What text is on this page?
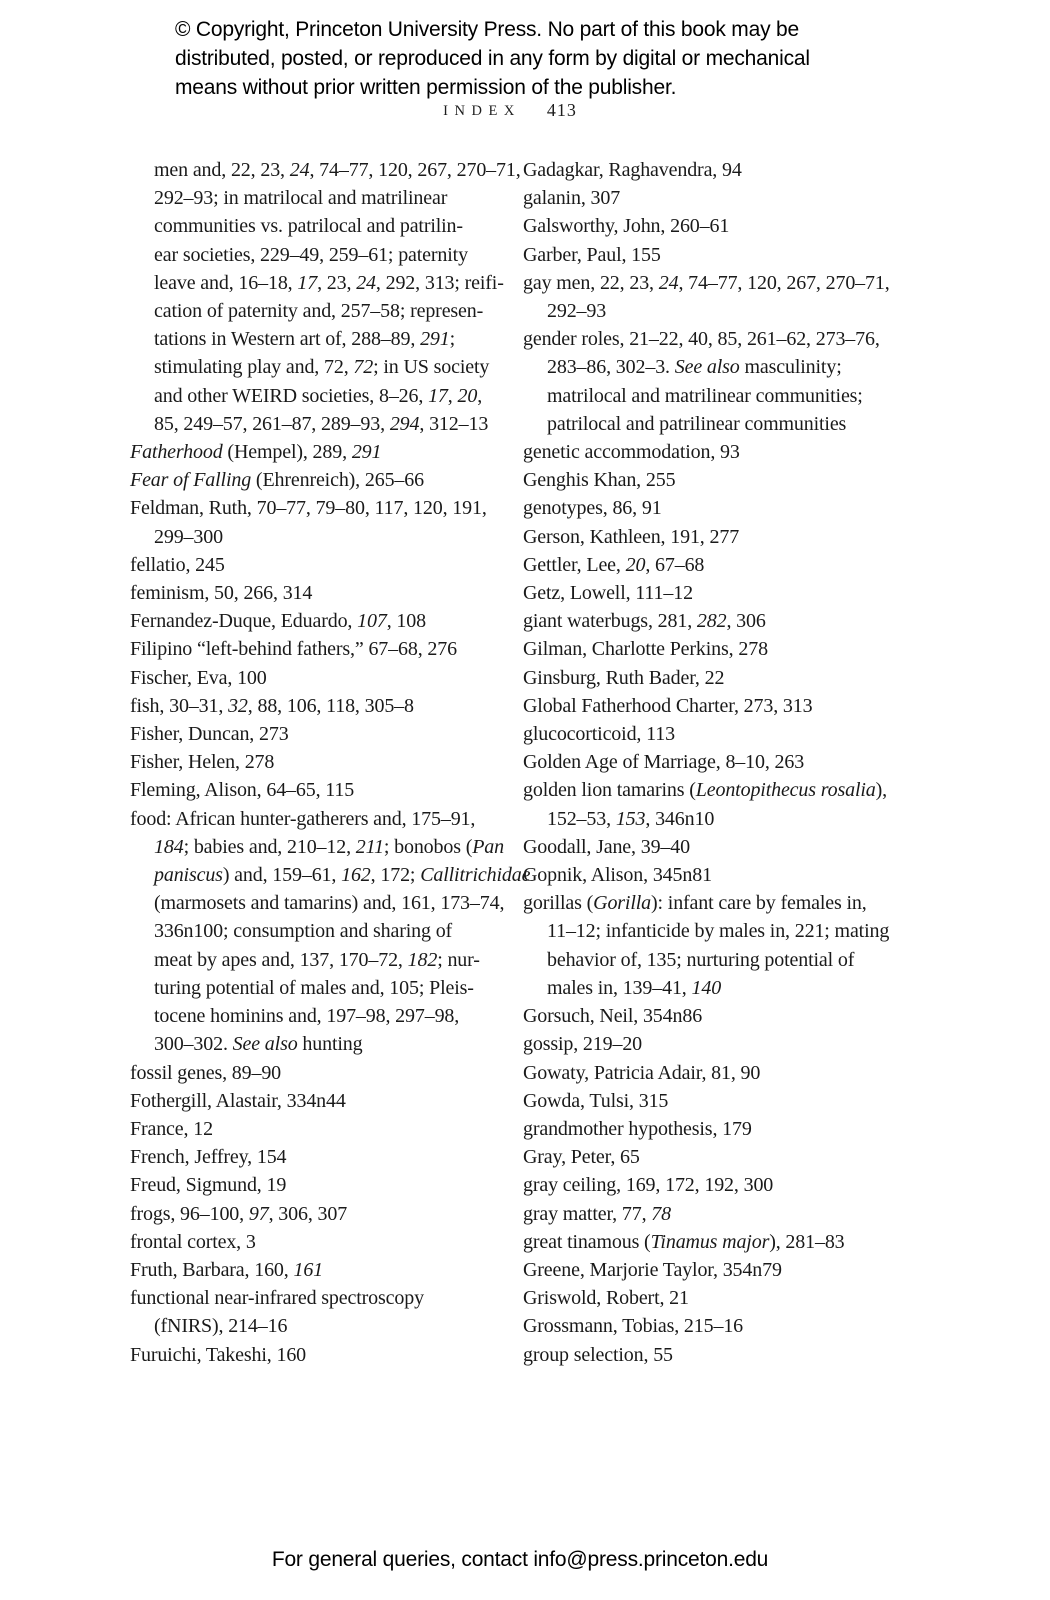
© Copyright, Princeton University Press. No part of this book may be
distributed, posted, or reproduced in any form by digital or mechanical
means without prior written permission of the publisher.
INDEX 413
men and, 22, 23, 24, 74–77, 120, 267, 270–71,
292–93; in matrilocal and matrilinear
communities vs. patrilocal and patrilin-
ear societies, 229–49, 259–61; paternity
leave and, 16–18, 17, 23, 24, 292, 313; reifi-
cation of paternity and, 257–58; represen-
tations in Western art of, 288–89, 291;
stimulating play and, 72, 72; in US society
and other WEIRD societies, 8–26, 17, 20,
85, 249–57, 261–87, 289–93, 294, 312–13
Fatherhood (Hempel), 289, 291
Fear of Falling (Ehrenreich), 265–66
Feldman, Ruth, 70–77, 79–80, 117, 120, 191,
299–300
fellatio, 245
feminism, 50, 266, 314
Fernandez-Duque, Eduardo, 107, 108
Filipino “left-behind fathers,” 67–68, 276
Fischer, Eva, 100
fish, 30–31, 32, 88, 106, 118, 305–8
Fisher, Duncan, 273
Fisher, Helen, 278
Fleming, Alison, 64–65, 115
food: African hunter-gatherers and, 175–91,
184; babies and, 210–12, 211; bonobos (Pan
paniscus) and, 159–61, 162, 172; Callitrichidae
(marmosets and tamarins) and, 161, 173–74,
336n100; consumption and sharing of
meat by apes and, 137, 170–72, 182; nur-
turing potential of males and, 105; Pleis-
tocene hominins and, 197–98, 297–98,
300–302. See also hunting
fossil genes, 89–90
Fothergill, Alastair, 334n44
France, 12
French, Jeffrey, 154
Freud, Sigmund, 19
frogs, 96–100, 97, 306, 307
frontal cortex, 3
Fruth, Barbara, 160, 161
functional near-infrared spectroscopy
(fNIRS), 214–16
Furuichi, Takeshi, 160
Gadagkar, Raghavendra, 94
galanin, 307
Galsworthy, John, 260–61
Garber, Paul, 155
gay men, 22, 23, 24, 74–77, 120, 267, 270–71,
292–93
gender roles, 21–22, 40, 85, 261–62, 273–76,
283–86, 302–3. See also masculinity;
matrilocal and matrilinear communities;
patrilocal and patrilinear communities
genetic accommodation, 93
Genghis Khan, 255
genotypes, 86, 91
Gerson, Kathleen, 191, 277
Gettler, Lee, 20, 67–68
Getz, Lowell, 111–12
giant waterbugs, 281, 282, 306
Gilman, Charlotte Perkins, 278
Ginsburg, Ruth Bader, 22
Global Fatherhood Charter, 273, 313
glucocorticoid, 113
Golden Age of Marriage, 8–10, 263
golden lion tamarins (Leontopithecus rosalia),
152–53, 153, 346n10
Goodall, Jane, 39–40
Gopnik, Alison, 345n81
gorillas (Gorilla): infant care by females in,
11–12; infanticide by males in, 221; mating
behavior of, 135; nurturing potential of
males in, 139–41, 140
Gorsuch, Neil, 354n86
gossip, 219–20
Gowaty, Patricia Adair, 81, 90
Gowda, Tulsi, 315
grandmother hypothesis, 179
Gray, Peter, 65
gray ceiling, 169, 172, 192, 300
gray matter, 77, 78
great tinamous (Tinamus major), 281–83
Greene, Marjorie Taylor, 354n79
Griswold, Robert, 21
Grossmann, Tobias, 215–16
group selection, 55
For general queries, contact info@press.princeton.edu
